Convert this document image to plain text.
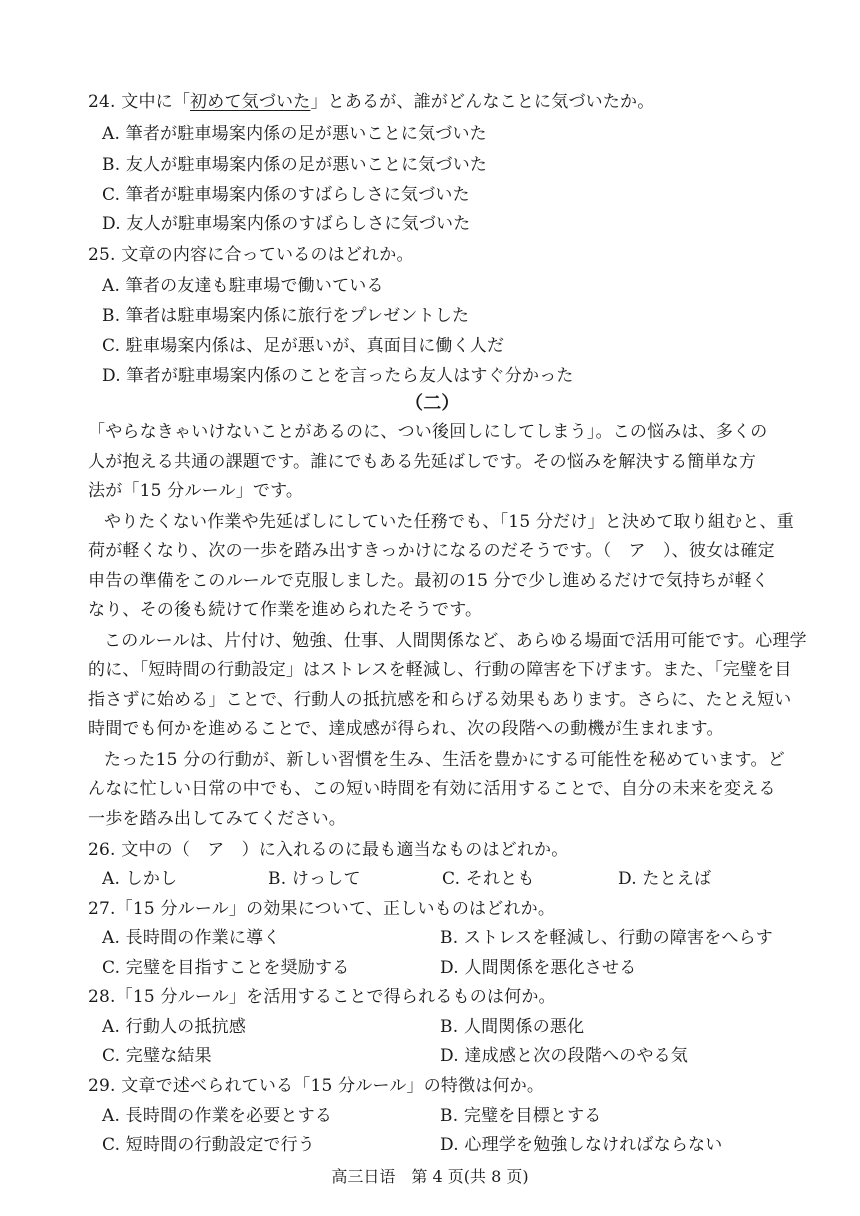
24. 文中に「初めて気づいた」とあるが、誰がどんなことに気づいたか。
A. 筆者が駐車場案内係の足が悪いことに気づいた
B. 友人が駐車場案内係の足が悪いことに気づいた
C. 筆者が駐車場案内係のすばらしさに気づいた
D. 友人が駐車場案内係のすばらしさに気づいた
25. 文章の内容に合っているのはどれか。
A. 筆者の友達も駐車場で働いている
B. 筆者は駐車場案内係に旅行をプレゼントした
C. 駐車場案内係は、足が悪いが、真面目に働く人だ
D. 筆者が駐車場案内係のことを言ったら友人はすぐ分かった
（二）
「やらなきゃいけないことがあるのに、つい後回しにしてしまう」。この悩みは、多くの
人が抱える共通の課題です。誰にでもある先延ばしです。その悩みを解決する簡単な方
法が「15 分ルール」です。
やりたくない作業や先延ばしにしていた任務でも、「15 分だけ」と決めて取り組むと、重
荷が軽くなり、次の一歩を踏み出すきっかけになるのだそうです。（　ア　）、彼女は確定
申告の準備をこのルールで克服しました。最初の15 分で少し進めるだけで気持ちが軽く
なり、その後も続けて作業を進められたそうです。
このルールは、片付け、勉強、仕事、人間関係など、あらゆる場面で活用可能です。心理学
的に、「短時間の行動設定」はストレスを軽減し、行動の障害を下げます。また、「完璧を目
指さずに始める」ことで、行動人の抵抗感を和らげる効果もあります。さらに、たとえ短い
時間でも何かを進めることで、達成感が得られ、次の段階への動機が生まれます。
たった15 分の行動が、新しい習慣を生み、生活を豊かにする可能性を秘めています。ど
んなに忙しい日常の中でも、この短い時間を有効に活用することで、自分の未来を変える
一歩を踏み出してみてください。
26. 文中の（　ア　）に入れるのに最も適当なものはどれか。
A. しかし	B. けっして	C. それとも	D. たとえば
27.「15 分ルール」の効果について、正しいものはどれか。
A. 長時間の作業に導く	B. ストレスを軽減し、行動の障害をへらす
C. 完璧を目指すことを奨励する	D. 人間関係を悪化させる
28.「15 分ルール」を活用することで得られるものは何か。
A. 行動人の抵抗感	B. 人間関係の悪化
C. 完璧な結果	D. 達成感と次の段階へのやる気
29. 文章で述べられている「15 分ルール」の特徴は何か。
A. 長時間の作業を必要とする	B. 完璧を目標とする
C. 短時間の行動設定で行う	D. 心理学を勉強しなければならない
高三日语　第 4 页(共 8 页)
